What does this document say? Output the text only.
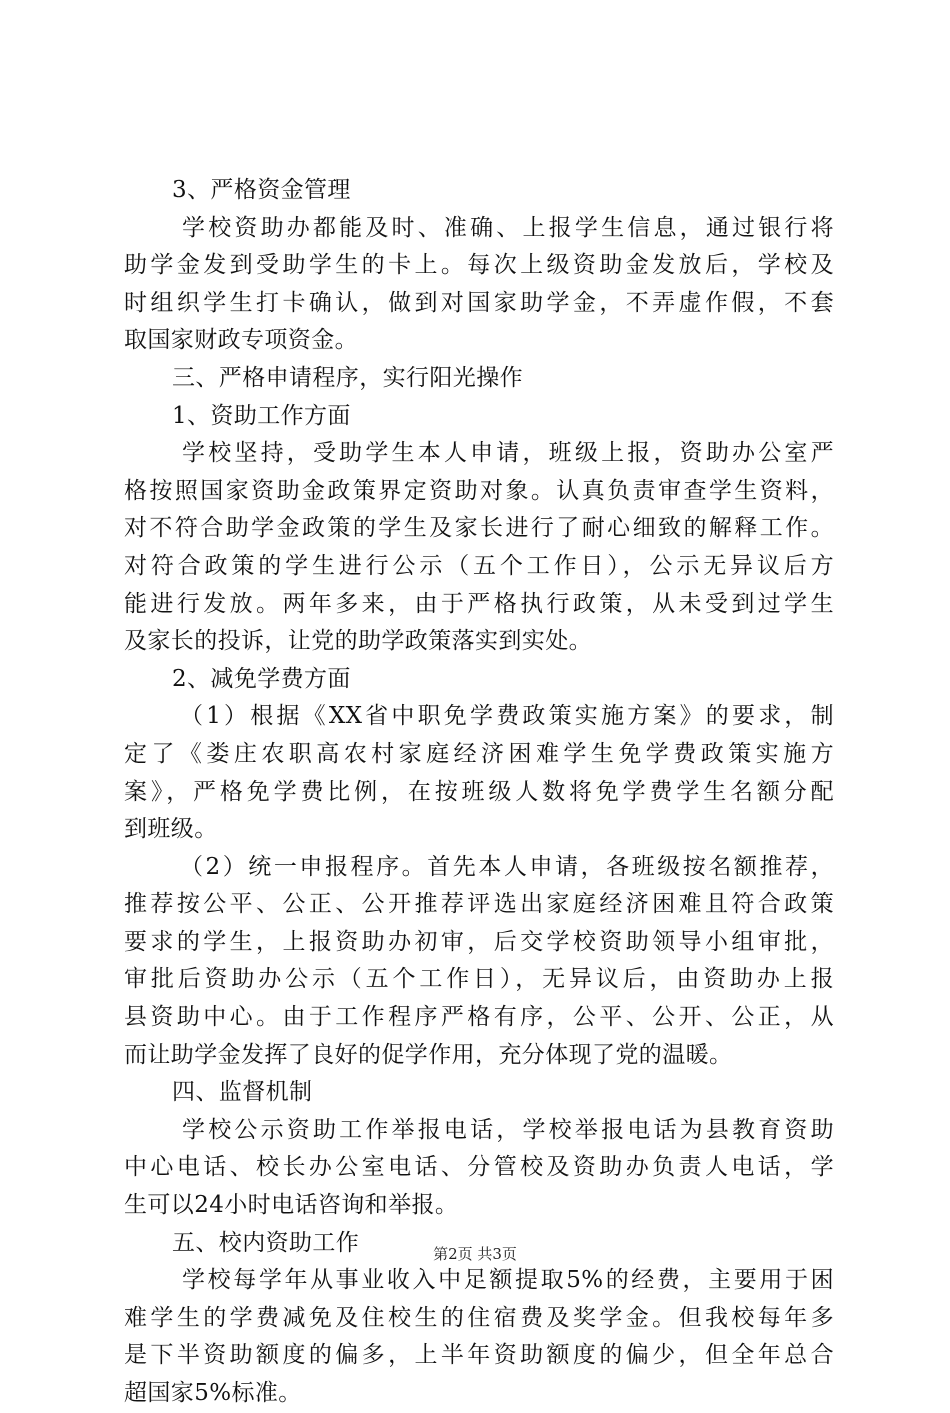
3、严格资金管理
学校资助办都能及时、准确、上报学生信息，通过银行将
助学金发到受助学生的卡上。每次上级资助金发放后，学校及
时组织学生打卡确认，做到对国家助学金，不弄虚作假，不套
取国家财政专项资金。
三、严格申请程序，实行阳光操作
1、资助工作方面
学校坚持，受助学生本人申请，班级上报，资助办公室严
格按照国家资助金政策界定资助对象。认真负责审查学生资料，
对不符合助学金政策的学生及家长进行了耐心细致的解释工作。
对符合政策的学生进行公示（五个工作日），公示无异议后方
能进行发放。两年多来，由于严格执行政策，从未受到过学生
及家长的投诉，让党的助学政策落实到实处。
2、减免学费方面
（1）根据《XX省中职免学费政策实施方案》的要求，制
定了《娄庄农职高农村家庭经济困难学生免学费政策实施方
案》，严格免学费比例，在按班级人数将免学费学生名额分配
到班级。
（2）统一申报程序。首先本人申请，各班级按名额推荐，
推荐按公平、公正、公开推荐评选出家庭经济困难且符合政策
要求的学生，上报资助办初审，后交学校资助领导小组审批，
审批后资助办公示（五个工作日），无异议后，由资助办上报
县资助中心。由于工作程序严格有序，公平、公开、公正，从
而让助学金发挥了良好的促学作用，充分体现了党的温暖。
四、监督机制
学校公示资助工作举报电话，学校举报电话为县教育资助
中心电话、校长办公室电话、分管校及资助办负责人电话，学
生可以24小时电话咨询和举报。
五、校内资助工作
学校每学年从事业收入中足额提取5%的经费，主要用于困
难学生的学费减免及住校生的住宿费及奖学金。但我校每年多
是下半资助额度的偏多，上半年资助额度的偏少，但全年总合
超国家5%标准。
第2页 共3页
